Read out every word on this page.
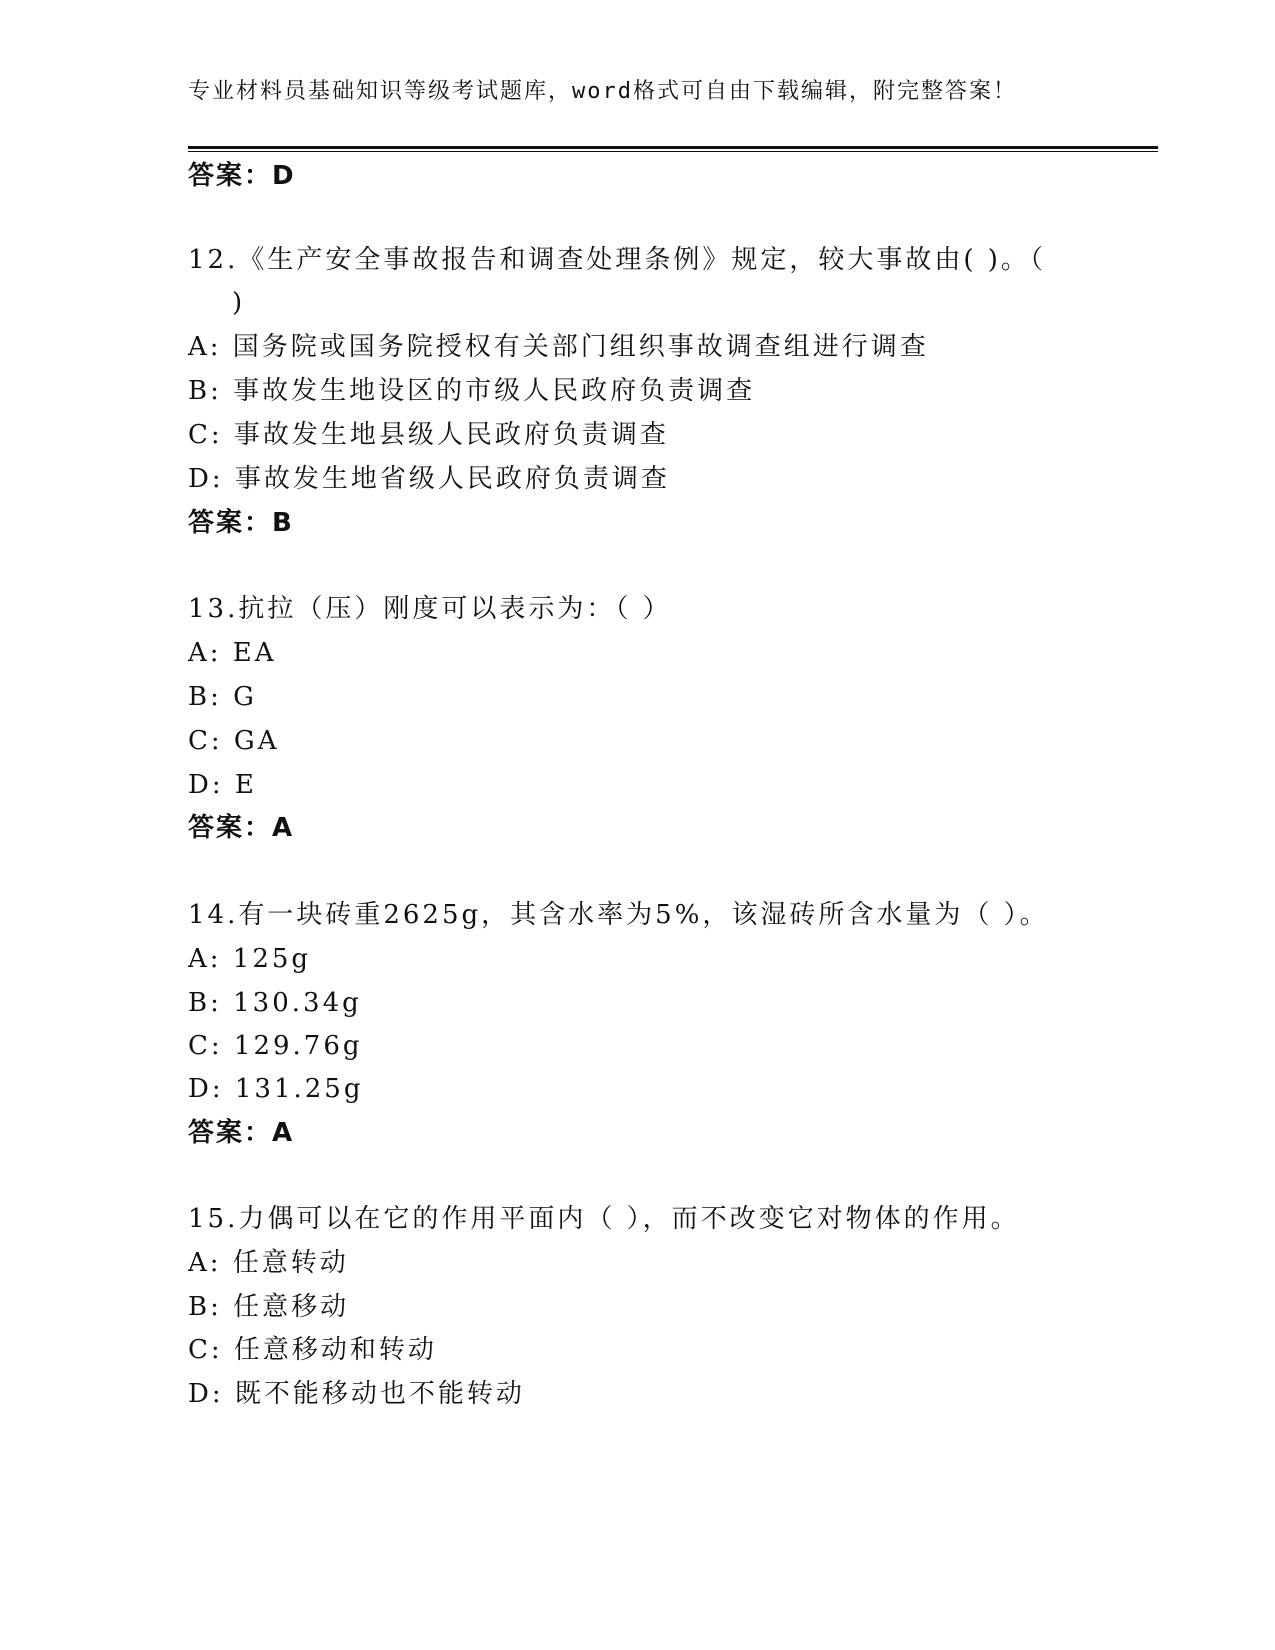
专业材料员基础知识等级考试题库，word格式可自由下载编辑，附完整答案！
答案：D
12.《生产安全事故报告和调查处理条例》规定，较大事故由( )。（
)
A: 国务院或国务院授权有关部门组织事故调查组进行调查
B: 事故发生地设区的市级人民政府负责调查
C: 事故发生地县级人民政府负责调查
D: 事故发生地省级人民政府负责调查
答案：B
13.抗拉（压）刚度可以表示为：（ ）
A: EA
B: G
C: GA
D: E
答案：A
14.有一块砖重2625g，其含水率为5%，该湿砖所含水量为（ ）。
A: 125g
B: 130.34g
C: 129.76g
D: 131.25g
答案：A
15.力偶可以在它的作用平面内（ ），而不改变它对物体的作用。
A: 任意转动
B: 任意移动
C: 任意移动和转动
D: 既不能移动也不能转动
